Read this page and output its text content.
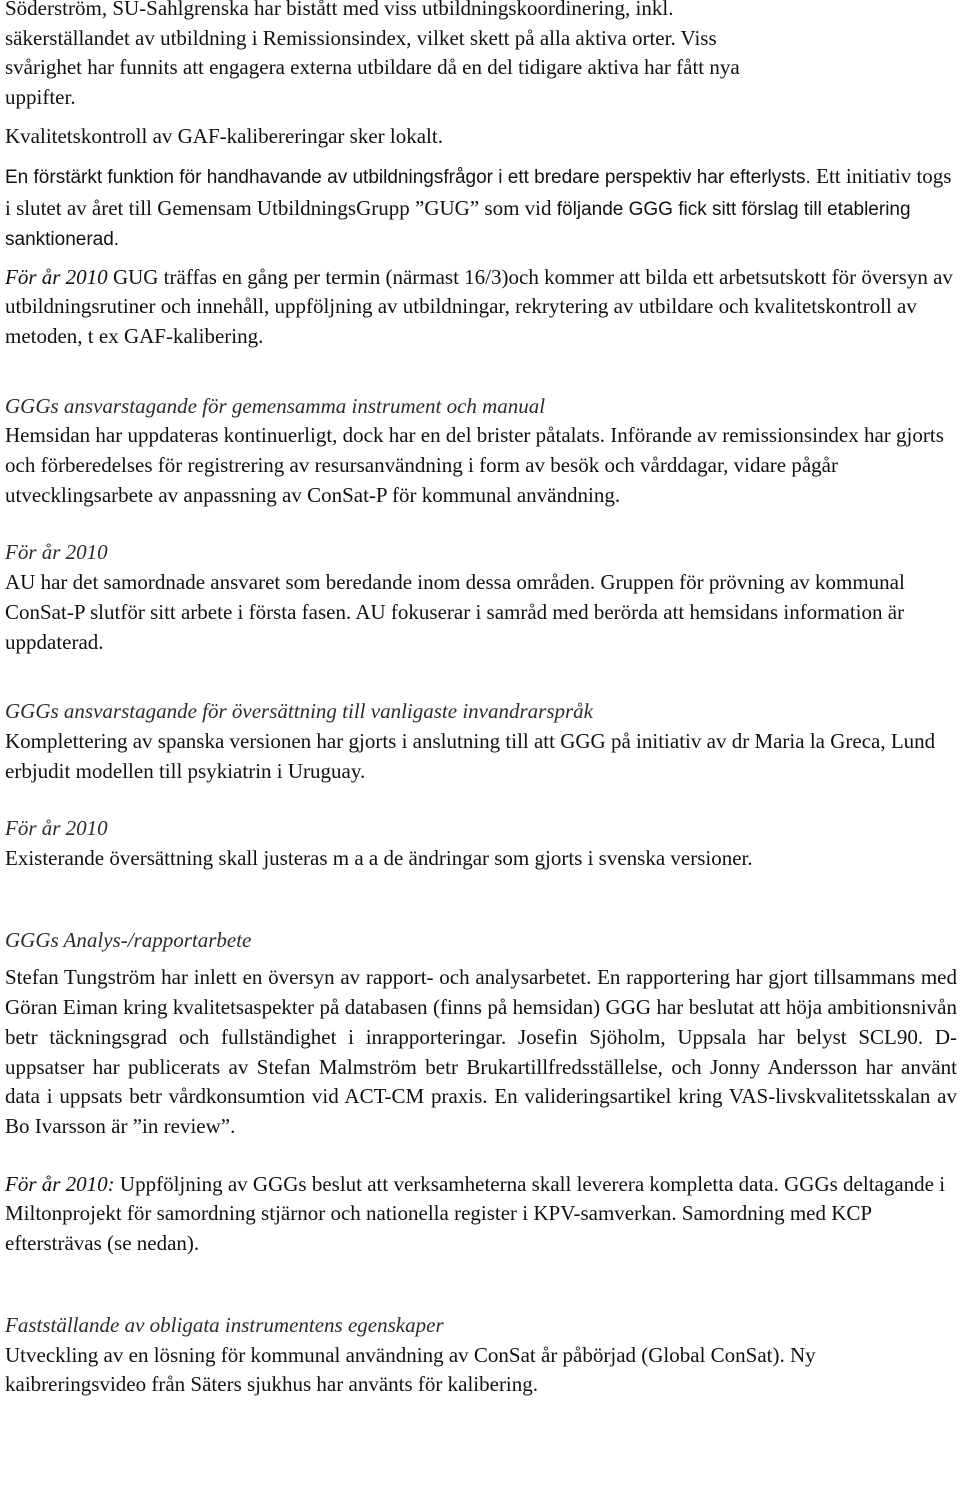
Söderström, SU-Sahlgrenska har bistått med viss utbildningskoordinering, inkl.
säkerställandet av utbildning i Remissionsindex, vilket skett på alla aktiva orter. Viss
svårighet har funnits att engagera externa utbildare då en del tidigare aktiva har fått nya
uppifter.

Kvalitetskontroll av GAF-kalibereringar sker lokalt.

En förstärkt funktion för handhavande av utbildningsfrågor i ett bredare perspektiv har efterlysts. Ett initiativ togs i slutet av året till Gemensam UtbildningsGrupp ”GUG” som vid följande GGG fick sitt förslag till etablering sanktionerad.

För år 2010 GUG träffas en gång per termin (närmast 16/3)och kommer att bilda ett arbetsutskott för översyn av utbildningsrutiner och innehåll, uppföljning av utbildningar, rekrytering av utbildare och kvalitetskontroll av metoden, t ex GAF-kalibering.

GGGs ansvarstagande för gemensamma instrument och manual

Hemsidan har uppdateras kontinuerligt, dock har en del brister påtalats. Införande av remissionsindex har gjorts och förberedelses för registrering av resursanvändning i form av besök och vårddagar, vidare pågår utvecklingsarbete av anpassning av ConSat-P för kommunal användning.

För år 2010

AU har det samordnade ansvaret som beredande inom dessa områden. Gruppen för prövning av kommunal ConSat-P slutför sitt arbete i första fasen. AU fokuserar i samråd med berörda att hemsidans information är uppdaterad.

GGGs ansvarstagande för översättning till vanligaste invandrarspråk

Komplettering av spanska versionen har gjorts i anslutning till att GGG på initiativ av dr Maria la Greca, Lund erbjudit modellen till psykiatrin i Uruguay.

För år 2010

Existerande översättning skall justeras m a a de ändringar som gjorts i svenska versioner.

GGGs Analys-/rapportarbete

Stefan Tungström har inlett en översyn av rapport- och analysarbetet. En rapportering har gjort tillsammans med Göran Eiman kring kvalitetsaspekter på databasen (finns på hemsidan) GGG har beslutat att höja ambitionsnivån betr täckningsgrad och fullständighet i inrapporteringar. Josefin Sjöholm, Uppsala har belyst SCL90. D-uppsatser har publicerats av Stefan Malmström betr Brukartillfredsställelse, och Jonny Andersson har använt data i uppsats betr vårdkonsumtion vid ACT-CM praxis. En valideringsartikel kring VAS-livskvalitetsskalan av Bo Ivarsson är ”in review”.

För år 2010: Uppföljning av GGGs beslut att verksamheterna skall leverera kompletta data. GGGs deltagande i Miltonprojekt för samordning stjärnor och nationella register i KPV-samverkan. Samordning med KCP eftersträvas (se nedan).

Fastställande av obligata instrumentens egenskaper

Utveckling av en lösning för kommunal användning av ConSat år påbörjad (Global ConSat). Ny kaibreringsvideo från Säters sjukhus har använts för kalibering.
